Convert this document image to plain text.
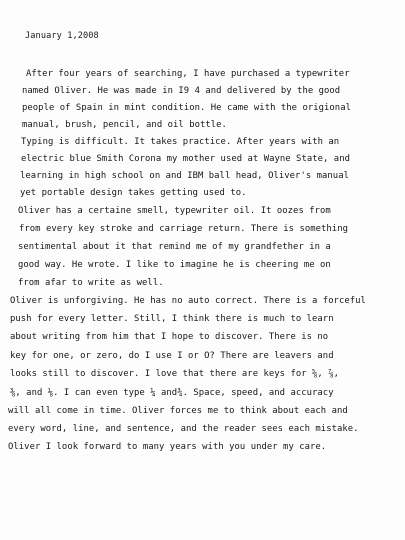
January 1,2008
After four years of searching, I have purchased a typewriter
named Oliver. He was made in I9 4 and delivered by the good
people of Spain in mint condition. He came with the origional
manual, brush, pencil, and oil bottle.
Typing is difficult. It takes practice. After years with an
electric blue Smith Corona my mother used at Wayne State, and
learning in high school on and IBM ball head, Oliver's manual
yet portable design takes getting used to.
Oliver has a certaine smell, typewriter oil. It oozes from
from every key stroke and carriage return. There is something
sentimental about it that remind me of my grandfether in a
good way. He wrote. I like to imagine he is cheering me on
from afar to write as well.
Oliver is unforgiving. He has no auto correct. There is a forceful
push for every letter. Still, I think there is much to learn
about writing from him that I hope to discover. There is no
key for one, or zero, do I use I or O? There are leavers and
looks still to discover. I love that there are keys for ⅝, ⅞,
⅜, and ⅛. I can even type ¼ and¾. Space, speed, and accuracy
will all come in time. Oliver forces me to think about each and
every word, line, and sentence, and the reader sees each mistake.
Oliver I look forward to many years with you under my care.
